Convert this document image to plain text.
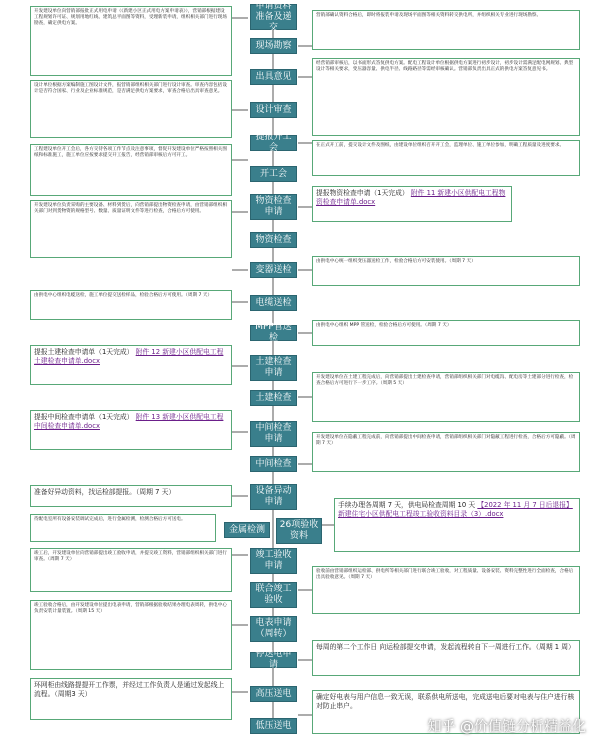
申请资料准备及递交
现场勘察
出具意见
设计审查
提报开工会
开工会
物资检查申请
物资检查
变器送检
电缆送检
MPP管送检
土建检查申请
土建检查
中间检查申请
中间检查
设备异动申请
26项验收资料
竣工验收申请
联合竣工验收
电表申请（周转）
停送电申请
高压送电
低压送电
金属检测
开发建设单位向营销部报批正式用电申请（《新建小区正式用电方案申请表》），营销部根据建设工程规划许可证、规划用地红线、建筑总平面图等资料，受理新装申请，组织相关部门进行现场勘查，确定供电方案。
设计单位根据方案编制施工图设计文件，报营销部组织相关部门进行设计审查。审查内容包括设计是否符合国家、行业及企业标准规范，是否满足供电方案要求，审查合格后出具审查意见。
工程建设单位开工会后，各方交待各项工作节点及注意事项，督促开发建设单位严格按照相关图纸和标准施工，施工单位应按要求提交开工报告，经营销部审核后方可开工。
开发建设单位负责采购的主要设备、材料到货后，向营销部提出物资检查申请，由营销部组织相关部门对到货物资的规格型号、数量、质量证明文件等进行检查，合格后方可使用。
由供电中心组织电缆送检，施工单位提交送检样品，检验合格后方可使用。（周期 7 天）
提报土建检查申请单（1天完成） 附件 12 新建小区供配电工程土建检查申请单.docx
提报中间检查申请单（1天完成） 附件 13 新建小区供配电工程中间检查申请单.docx
准备好异动资料，找运检部提报。（周期 7 天）
待配电室所有设备安装调试完成后，进行金属检测，检测合格后方可送电。
竣工后，开发建设单位向营销部提出竣工验收申请，并提交竣工资料，营销部组织相关部门进行审查。（周期 7 天）
竣工验收合格后，由开发建设单位提出电表申请，营销部根据验收结果办理电表周转，供电中心负责安装计量装置。（周期 15 天）
环网柜由线路提提开工作票，并经过工作负责人是通过发起线上流程。（周期3 天）
营销部确认资料合格后，即时将报装申请及现场平面图等相关资料转交供电所，并组织相关专业进行现场勘察。
经营销部审核后，以书面形式答复供电方案。配电工程设计单位根据供电方案进行初步设计，初步设计需满足配电网规划、典型设计等相关要求，变压器容量、供电半径、线路路径等需经审核确认。营销部负责出具正式的供电方案答复意见书。
在正式开工前，提交设计文件及图纸，由建设单位组织召开开工会，监理单位、施工单位参加，明确工程质量及进度要求。
提报物资检查申请（1天完成） 附件 11 新建小区供配电工程物资检查申请单.docx
由供电中心统一组织变压器送检工作，检验合格后方可安装使用。（周期 7 天）
由供电中心组织 MPP 管送检，检验合格后方可使用。（周期 7 天）
开发建设单位在土建工程完成后，向营销部提出土建检查申请，营销部组织相关部门对电缆沟、配电房等土建部分进行检查，检查合格后方可进行下一步工序。（周期 5 天）
开发建设单位在隐蔽工程完成前，向营销部提出中间检查申请，营销部组织相关部门对隐蔽工程进行检查，合格后方可隐蔽。（周期 7 天）
手续办理各周期 7 天，供电局检查周期 10 天 【2022 年 11 月 7 日后退报】新建住宅小区供配电工程竣工验收资料目录（3）.docx
验收前由营销部组织运检部、供电所等相关部门进行联合竣工验收，对工程质量、设备安装、资料完整性进行全面检查，合格后出具验收意见。（周期 7 天）
每周的第二个工作日 向运检部提交申请，发起流程转自下一周进行工作。（周期 1 周）
确定好电表与用户信息一致无误，联系供电所送电，完成送电后要对电表与住户进行核对防止串户。
知乎 @价值链分析精益化
